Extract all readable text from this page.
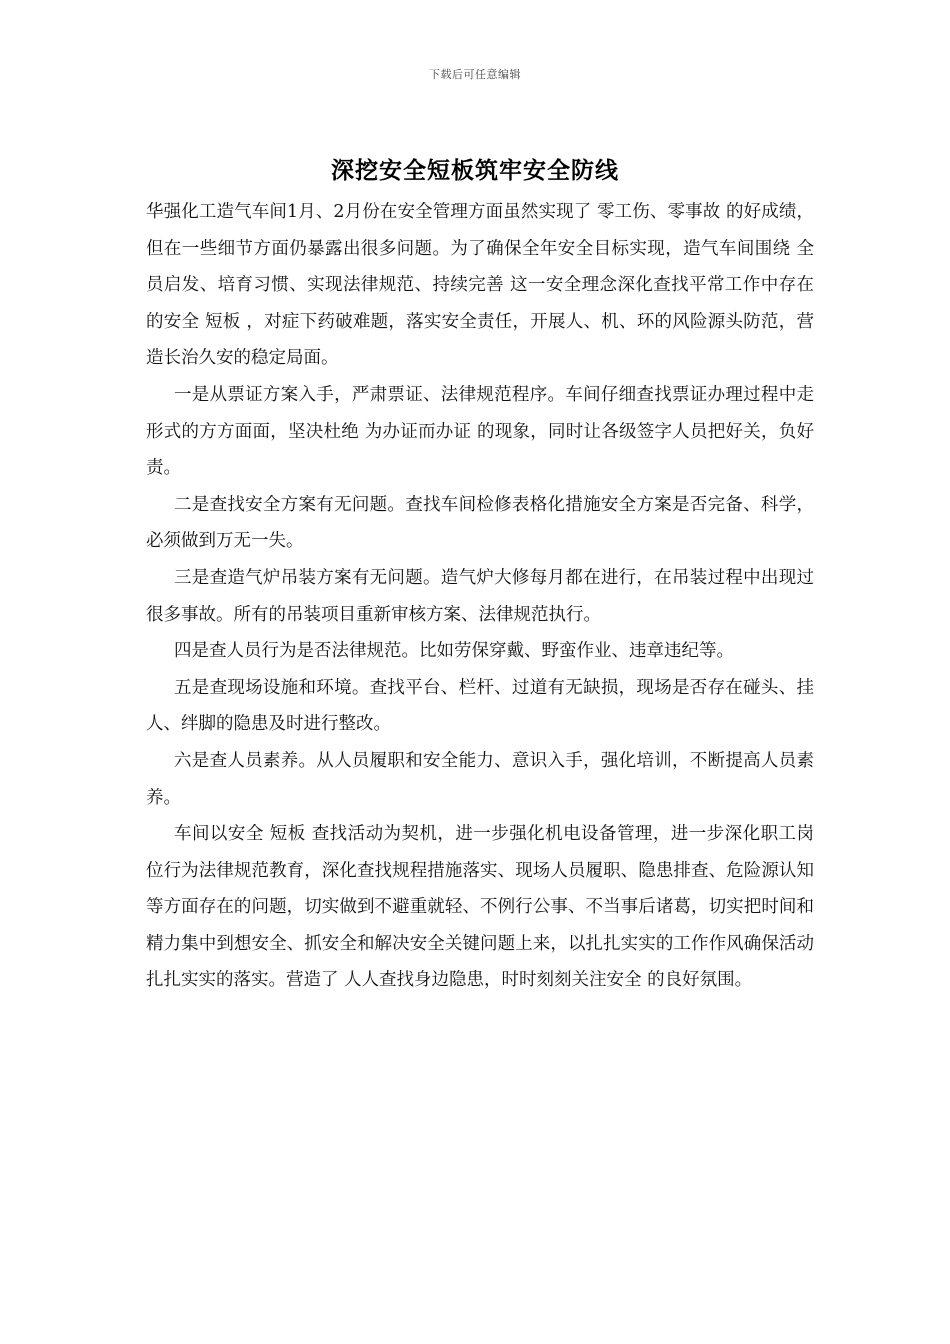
下载后可任意编辑
深挖安全短板筑牢安全防线

华强化工造气车间1月、2月份在安全管理方面虽然实现了 零工伤、零事故 的好成绩，但在一些细节方面仍暴露出很多问题。为了确保全年安全目标实现，造气车间围绕 全员启发、培育习惯、实现法律规范、持续完善 这一安全理念深化查找平常工作中存在的安全 短板 ，对症下药破难题，落实安全责任，开展人、机、环的风险源头防范，营造长治久安的稳定局面。

一是从票证方案入手，严肃票证、法律规范程序。车间仔细查找票证办理过程中走形式的方方面面，坚决杜绝 为办证而办证 的现象，同时让各级签字人员把好关，负好责。

二是查找安全方案有无问题。查找车间检修表格化措施安全方案是否完备、科学，必须做到万无一失。

三是查造气炉吊装方案有无问题。造气炉大修每月都在进行，在吊装过程中出现过很多事故。所有的吊装项目重新审核方案、法律规范执行。

四是查人员行为是否法律规范。比如劳保穿戴、野蛮作业、违章违纪等。

五是查现场设施和环境。查找平台、栏杆、过道有无缺损，现场是否存在碰头、挂人、绊脚的隐患及时进行整改。

六是查人员素养。从人员履职和安全能力、意识入手，强化培训，不断提高人员素养。

车间以安全 短板 查找活动为契机，进一步强化机电设备管理，进一步深化职工岗位行为法律规范教育，深化查找规程措施落实、现场人员履职、隐患排查、危险源认知等方面存在的问题，切实做到不避重就轻、不例行公事、不当事后诸葛，切实把时间和精力集中到想安全、抓安全和解决安全关键问题上来，以扎扎实实的工作作风确保活动扎扎实实的落实。营造了 人人查找身边隐患，时时刻刻关注安全 的良好氛围。
